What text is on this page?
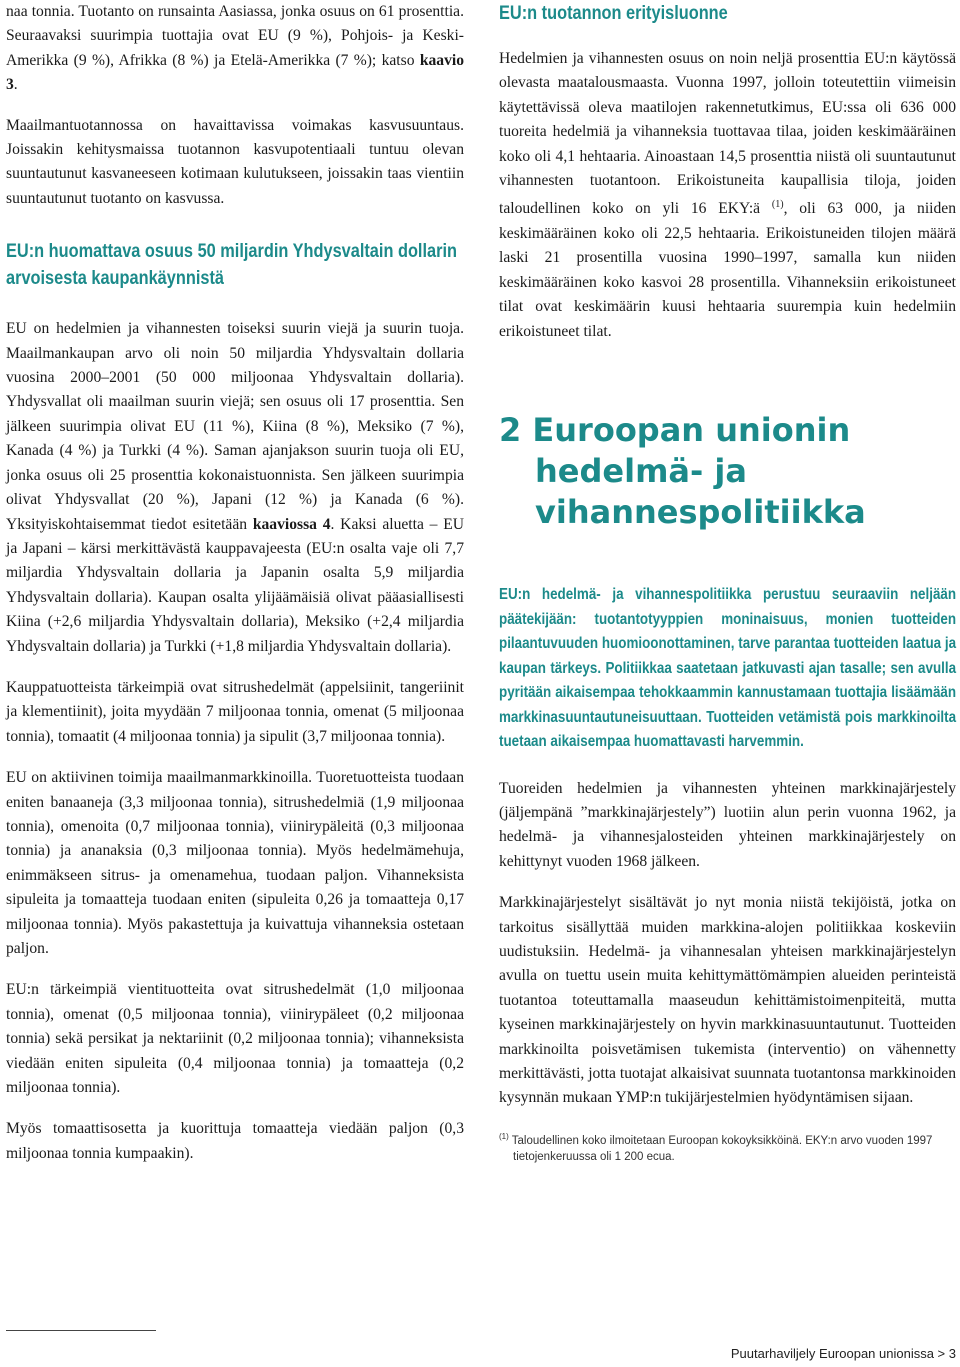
naa tonnia. Tuotanto on runsainta Aasiassa, jonka osuus on 61 prosenttia. Seuraavaksi suurimpia tuottajia ovat EU (9 %), Pohjois- ja Keski-Amerikka (9 %), Afrikka (8 %) ja Etelä-Amerikka (7 %); katso kaavio 3.

Maailmantuotannossa on havaittavissa voimakas kasvusuuntaus. Joissakin kehitysmaissa tuotannon kasvupotentiaali tuntuu olevan suuntautunut kasvaneeseen kotimaan kulutukseen, joissakin taas vientiin suuntautunut tuotanto on kasvussa.

EU:n huomattava osuus 50 miljardin Yhdysvaltain dollarin arvoisesta kaupankäynnistä

EU on hedelmien ja vihannesten toiseksi suurin viejä ja suurin tuoja. Maailmankaupan arvo oli noin 50 miljardia Yhdysvaltain dollaria vuosina 2000–2001 (50 000 miljoonaa Yhdysvaltain dollaria). Yhdysvallat oli maailman suurin viejä; sen osuus oli 17 prosenttia. Sen jälkeen suurimpia olivat EU (11 %), Kiina (8 %), Meksiko (7 %), Kanada (4 %) ja Turkki (4 %). Saman ajanjakson suurin tuoja oli EU, jonka osuus oli 25 prosenttia kokonaistuonnista. Sen jälkeen suurimpia olivat Yhdysvallat (20 %), Japani (12 %) ja Kanada (6 %). Yksityiskohtaisemmat tiedot esitetään kaaviossa 4. Kaksi aluetta – EU ja Japani – kärsi merkittävästä kauppavajeesta (EU:n osalta vaje oli 7,7 miljardia Yhdysvaltain dollaria ja Japanin osalta 5,9 miljardia Yhdysvaltain dollaria). Kaupan osalta ylijäämäisiä olivat pääasiallisesti Kiina (+2,6 miljardia Yhdysvaltain dollaria), Meksiko (+2,4 miljardia Yhdysvaltain dollaria) ja Turkki (+1,8 miljardia Yhdysvaltain dollaria).

Kauppatuotteista tärkeimpiä ovat sitrushedelmät (appelsiinit, tangeriinit ja klementiinit), joita myydään 7 miljoonaa tonnia, omenat (5 miljoonaa tonnia), tomaatit (4 miljoonaa tonnia) ja sipulit (3,7 miljoonaa tonnia).

EU on aktiivinen toimija maailmanmarkkinoilla. Tuoretuotteista tuodaan eniten banaaneja (3,3 miljoonaa tonnia), sitrushedelmiä (1,9 miljoonaa tonnia), omenoita (0,7 miljoonaa tonnia), viinirypäleitä (0,3 miljoonaa tonnia) ja ananaksia (0,3 miljoonaa tonnia). Myös hedelmämehuja, enimmäkseen sitrus- ja omenamehua, tuodaan paljon. Vihanneksista sipuleita ja tomaatteja tuodaan eniten (sipuleita 0,26 ja tomaatteja 0,17 miljoonaa tonnia). Myös pakastettuja ja kuivattuja vihanneksia ostetaan paljon.

EU:n tärkeimpiä vientituotteita ovat sitrushedelmät (1,0 miljoonaa tonnia), omenat (0,5 miljoonaa tonnia), viinirypäleet (0,2 miljoonaa tonnia) sekä persikat ja nektariinit (0,2 miljoonaa tonnia); vihanneksista viedään eniten sipuleita (0,4 miljoonaa tonnia) ja tomaatteja (0,2 miljoonaa tonnia).

Myös tomaattisosetta ja kuorittuja tomaatteja viedään paljon (0,3 miljoonaa tonnia kumpaakin).

EU:n tuotannon erityisluonne

Hedelmien ja vihannesten osuus on noin neljä prosenttia EU:n käytössä olevasta maatalousmaasta. Vuonna 1997, jolloin toteutettiin viimeisin käytettävissä oleva maatilojen rakennetutkimus, EU:ssa oli 636 000 tuoreita hedelmiä ja vihanneksia tuottavaa tilaa, joiden keskimääräinen koko oli 4,1 hehtaaria. Ainoastaan 14,5 prosenttia niistä oli suuntautunut vihannesten tuotantoon. Erikoistuneita kaupallisia tiloja, joiden taloudellinen koko on yli 16 EKY:ä $^{(1)}$, oli 63 000, ja niiden keskimääräinen koko oli 22,5 hehtaaria. Erikoistuneiden tilojen määrä laski 21 prosentilla vuosina 1990–1997, samalla kun niiden keskimääräinen koko kasvoi 28 prosentilla. Vihanneksiin erikoistuneet tilat ovat keskimäärin kuusi hehtaaria suurempia kuin hedelmiin erikoistuneet tilat.

2 Euroopan unionin
hedelmä- ja
vihannespolitiikka

EU:n hedelmä- ja vihannespolitiikka perustuu seuraaviin neljään päätekijään: tuotantotyyppien moninaisuus, monien tuotteiden pilaantuvuuden huomioonottaminen, tarve parantaa tuotteiden laatua ja kaupan tärkeys. Politiikkaa saatetaan jatkuvasti ajan tasalle; sen avulla pyritään aikaisempaa tehokkaammin kannustamaan tuottajia lisäämään markkinasuuntautuneisuuttaan. Tuotteiden vetämistä pois markkinoilta tuetaan aikaisempaa huomattavasti harvemmin.

Tuoreiden hedelmien ja vihannesten yhteinen markkinajärjestely (jäljempänä ”markkinajärjestely”) luotiin alun perin vuonna 1962, ja hedelmä- ja vihannesjalosteiden yhteinen markkinajärjestely on kehittynyt vuoden 1968 jälkeen.

Markkinajärjestelyt sisältävät jo nyt monia niistä tekijöistä, jotka on tarkoitus sisällyttää muiden markkina-alojen politiikkaa koskeviin uudistuksiin. Hedelmä- ja vihannesalan yhteisen markkinajärjestelyn avulla on tuettu usein muita kehittymättömämpien alueiden perinteistä tuotantoa toteuttamalla maaseudun kehittämistoimenpiteitä, mutta kyseinen markkinajärjestely on hyvin markkinasuuntautunut. Tuotteiden markkinoilta poisvetämisen tukemista (interventio) on vähennetty merkittävästi, jotta tuotajat alkaisivat suunnata tuotantonsa markkinoiden kysynnän mukaan YMP:n tukijärjestelmien hyödyntämisen sijaan.

$^{(1)}$ Taloudellinen koko ilmoitetaan Euroopan kokoyksikköinä. EKY:n arvo vuoden 1997 tietojenkeruussa oli 1 200 ecua.
Puutarhaviljely Euroopan unionissa > 3
